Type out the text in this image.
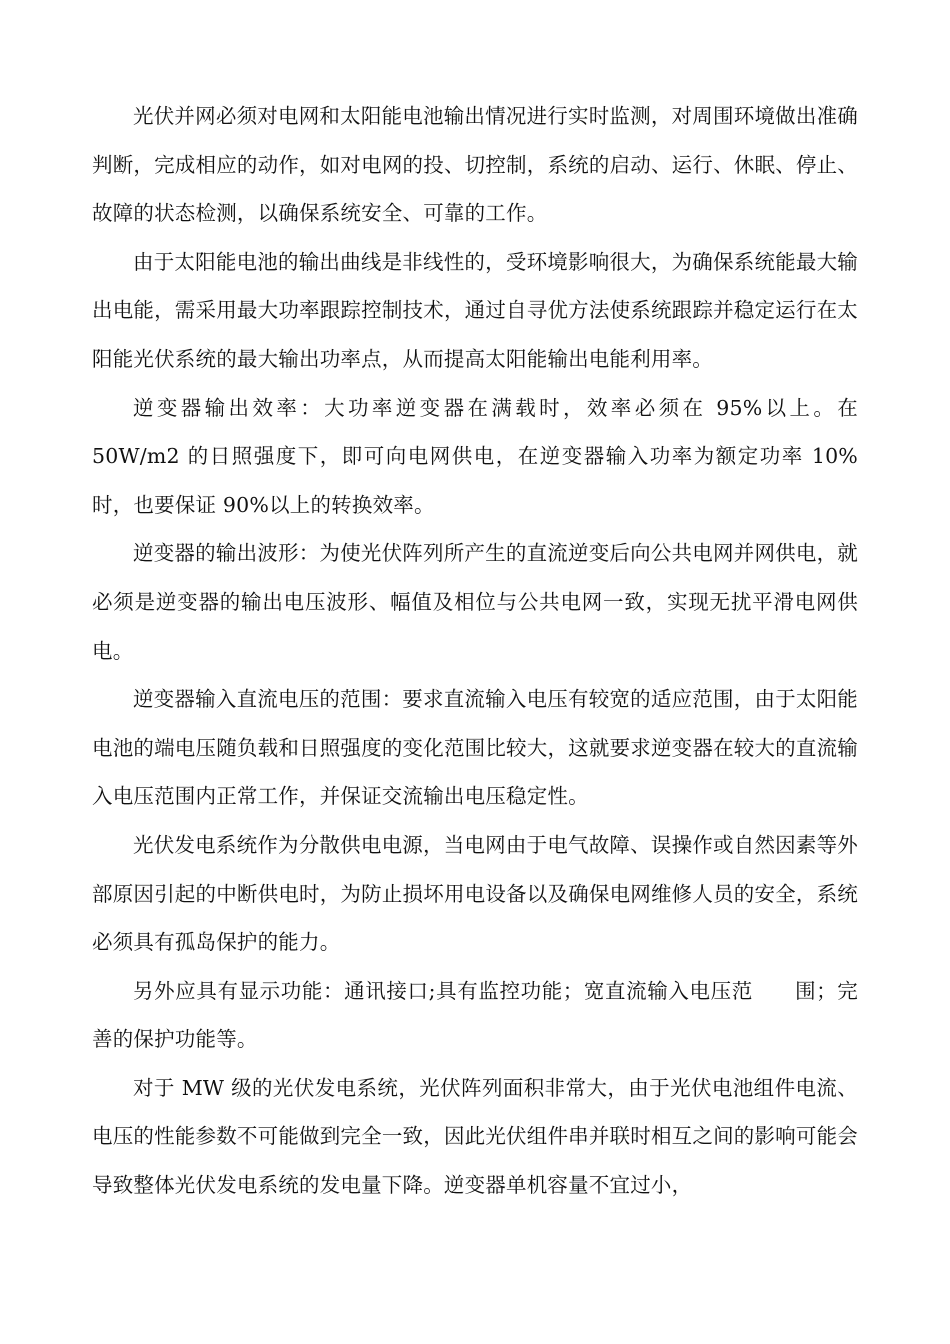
光伏并网必须对电网和太阳能电池输出情况进行实时监测，对周围环境做出准确判断，完成相应的动作，如对电网的投、切控制，系统的启动、运行、休眠、停止、故障的状态检测，以确保系统安全、可靠的工作。

由于太阳能电池的输出曲线是非线性的，受环境影响很大，为确保系统能最大输出电能，需采用最大功率跟踪控制技术，通过自寻优方法使系统跟踪并稳定运行在太阳能光伏系统的最大输出功率点，从而提高太阳能输出电能利用率。

逆变器输出效率：大功率逆变器在满载时，效率必须在 95%以上。在 50W/m2 的日照强度下，即可向电网供电，在逆变器输入功率为额定功率 10%时，也要保证 90%以上的转换效率。

逆变器的输出波形：为使光伏阵列所产生的直流逆变后向公共电网并网供电，就必须是逆变器的输出电压波形、幅值及相位与公共电网一致，实现无扰平滑电网供电。

逆变器输入直流电压的范围：要求直流输入电压有较宽的适应范围，由于太阳能电池的端电压随负载和日照强度的变化范围比较大，这就要求逆变器在较大的直流输入电压范围内正常工作，并保证交流输出电压稳定性。

光伏发电系统作为分散供电电源，当电网由于电气故障、误操作或自然因素等外部原因引起的中断供电时，为防止损坏用电设备以及确保电网维修人员的安全，系统必须具有孤岛保护的能力。

另外应具有显示功能：通讯接口;具有监控功能；宽直流输入电压范　　围；完善的保护功能等。

对于 MW 级的光伏发电系统，光伏阵列面积非常大，由于光伏电池组件电流、电压的性能参数不可能做到完全一致，因此光伏组件串并联时相互之间的影响可能会导致整体光伏发电系统的发电量下降。逆变器单机容量不宜过小，
